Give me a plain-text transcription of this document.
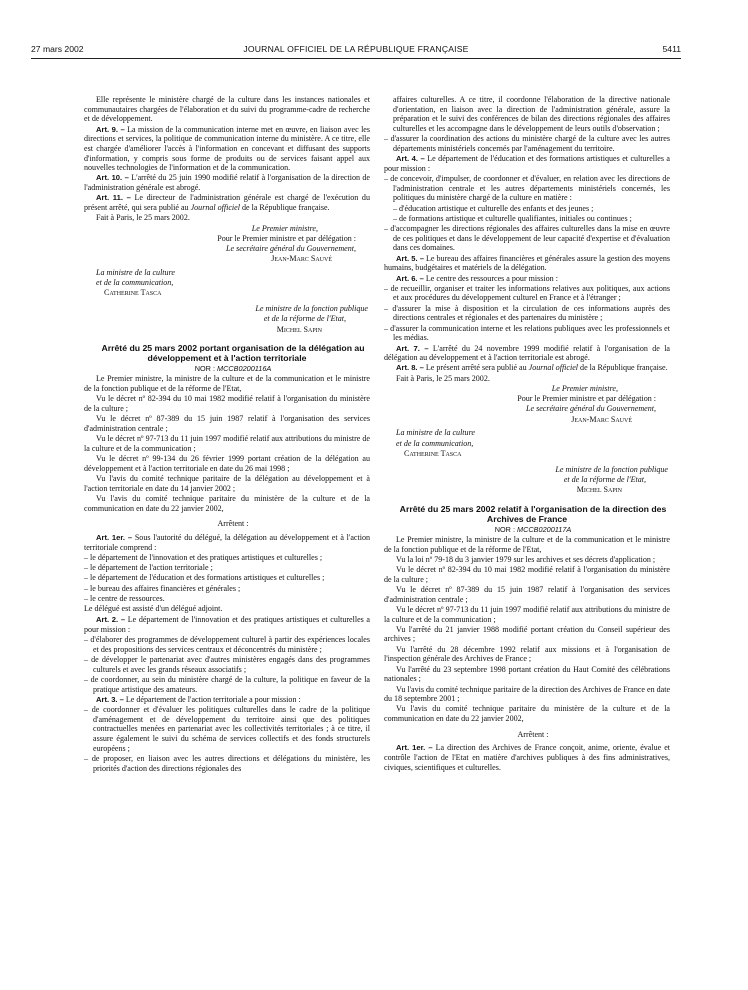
27 mars 2002	JOURNAL OFFICIEL DE LA RÉPUBLIQUE FRANÇAISE	5411

Elle représente le ministère chargé de la culture dans les instances nationales et communautaires chargées de l'élaboration et du suivi du programme-cadre de recherche et de développement.

Art. 9. – La mission de la communication interne met en œuvre, en liaison avec les directions et services, la politique de communication interne du ministère. A ce titre, elle est chargée d'améliorer l'accès à l'information en concevant et diffusant des supports d'information, y compris sous forme de produits ou de services faisant appel aux nouvelles technologies de l'information et de la communication.

Art. 10. – L'arrêté du 25 juin 1990 modifié relatif à l'organisation de la direction de l'administration générale est abrogé.

Art. 11. – Le directeur de l'administration générale est chargé de l'exécution du présent arrêté, qui sera publié au Journal officiel de la République française.

Fait à Paris, le 25 mars 2002.

Le Premier ministre,

Pour le Premier ministre et par délégation :

Le secrétaire général du Gouvernement,

Jean-Marc Sauvé

La ministre de la culture

et de la communication,

Catherine Tasca

Le ministre de la fonction publique

et de la réforme de l'Etat,

Michel Sapin

Arrêté du 25 mars 2002 portant organisation de la délégation au développement et à l'action territoriale

NOR : MCCB0200116A

Le Premier ministre, la ministre de la culture et de la communication et le ministre de la fonction publique et de la réforme de l'Etat,

Vu le décret nº 82-394 du 10 mai 1982 modifié relatif à l'organisation du ministère de la culture ;

Vu le décret nº 87-389 du 15 juin 1987 relatif à l'organisation des services d'administration centrale ;

Vu le décret nº 97-713 du 11 juin 1997 modifié relatif aux attributions du ministre de la culture et de la communication ;

Vu le décret nº 99-134 du 26 février 1999 portant création de la délégation au développement et à l'action territoriale en date du 26 mai 1998 ;

Vu l'avis du comité technique paritaire de la délégation au développement et à l'action territoriale en date du 14 janvier 2002 ;

Vu l'avis du comité technique paritaire du ministère de la culture et de la communication en date du 22 janvier 2002,

Arrêtent :

Art. 1er. – Sous l'autorité du délégué, la délégation au développement et à l'action territoriale comprend :

– le département de l'innovation et des pratiques artistiques et culturelles ;

– le département de l'action territoriale ;

– le département de l'éducation et des formations artistiques et culturelles ;

– le bureau des affaires financières et générales ;

– le centre de ressources.

Le délégué est assisté d'un délégué adjoint.

Art. 2. – Le département de l'innovation et des pratiques artistiques et culturelles a pour mission :

– d'élaborer des programmes de développement culturel à partir des expériences locales et des propositions des services centraux et déconcentrés du ministère ;

– de développer le partenariat avec d'autres ministères engagés dans des programmes culturels et avec les grands réseaux associatifs ;

– de coordonner, au sein du ministère chargé de la culture, la politique en faveur de la pratique artistique des amateurs.

Art. 3. – Le département de l'action territoriale a pour mission :

– de coordonner et d'évaluer les politiques culturelles dans le cadre de la politique d'aménagement et de développement du territoire ainsi que des politiques contractuelles menées en partenariat avec les collectivités territoriales ; à ce titre, il assure également le suivi du schéma de services collectifs et des fonds structurels européens ;

– de proposer, en liaison avec les autres directions et délégations du ministère, les priorités d'action des directions régionales des

affaires culturelles. A ce titre, il coordonne l'élaboration de la directive nationale d'orientation, en liaison avec la direction de l'administration générale, assure la préparation et le suivi des conférences de bilan des directions régionales des affaires culturelles et les accompagne dans le développement de leurs outils d'observation ;

– d'assurer la coordination des actions du ministère chargé de la culture avec les autres départements ministériels concernés par l'aménagement du territoire.

Art. 4. – Le département de l'éducation et des formations artistiques et culturelles a pour mission :

– de concevoir, d'impulser, de coordonner et d'évaluer, en relation avec les directions de l'administration centrale et les autres départements ministériels concernés, les politiques du ministère chargé de la culture en matière :

– d'éducation artistique et culturelle des enfants et des jeunes ;

– de formations artistique et culturelle qualifiantes, initiales ou continues ;

– d'accompagner les directions régionales des affaires culturelles dans la mise en œuvre de ces politiques et dans le développement de leur capacité d'expertise et d'évaluation dans ces domaines.

Art. 5. – Le bureau des affaires financières et générales assure la gestion des moyens humains, budgétaires et matériels de la délégation.

Art. 6. – Le centre des ressources a pour mission :

– de recueillir, organiser et traiter les informations relatives aux politiques, aux actions et aux procédures du développement culturel en France et à l'étranger ;

– d'assurer la mise à disposition et la circulation de ces informations auprès des directions centrales et régionales et des partenaires du ministère ;

– d'assurer la communication interne et les relations publiques avec les professionnels et les médias.

Art. 7. – L'arrêté du 24 novembre 1999 modifié relatif à l'organisation de la délégation au développement et à l'action territoriale est abrogé.

Art. 8. – Le présent arrêté sera publié au Journal officiel de la République française.

Fait à Paris, le 25 mars 2002.

Le Premier ministre,

Pour le Premier ministre et par délégation :

Le secrétaire général du Gouvernement,

Jean-Marc Sauvé

La ministre de la culture

et de la communication,

Catherine Tasca

Le ministre de la fonction publique

et de la réforme de l'Etat,

Michel Sapin

Arrêté du 25 mars 2002 relatif à l'organisation de la direction des Archives de France

NOR : MCCB0200117A

Le Premier ministre, la ministre de la culture et de la communication et le ministre de la fonction publique et de la réforme de l'Etat,

Vu la loi nº 79-18 du 3 janvier 1979 sur les archives et ses décrets d'application ;

Vu le décret nº 82-394 du 10 mai 1982 modifié relatif à l'organisation du ministère de la culture ;

Vu le décret nº 87-389 du 15 juin 1987 relatif à l'organisation des services d'administration centrale ;

Vu le décret nº 97-713 du 11 juin 1997 modifié relatif aux attributions du ministre de la culture et de la communication ;

Vu l'arrêté du 21 janvier 1988 modifié portant création du Conseil supérieur des archives ;

Vu l'arrêté du 28 décembre 1992 relatif aux missions et à l'organisation de l'inspection générale des Archives de France ;

Vu l'arrêté du 23 septembre 1998 portant création du Haut Comité des célébrations nationales ;

Vu l'avis du comité technique paritaire de la direction des Archives de France en date du 18 septembre 2001 ;

Vu l'avis du comité technique paritaire du ministère de la culture et de la communication en date du 22 janvier 2002,

Arrêtent :

Art. 1er. – La direction des Archives de France conçoit, anime, oriente, évalue et contrôle l'action de l'Etat en matière d'archives publiques à des fins administratives, civiques, scientifiques et culturelles.
